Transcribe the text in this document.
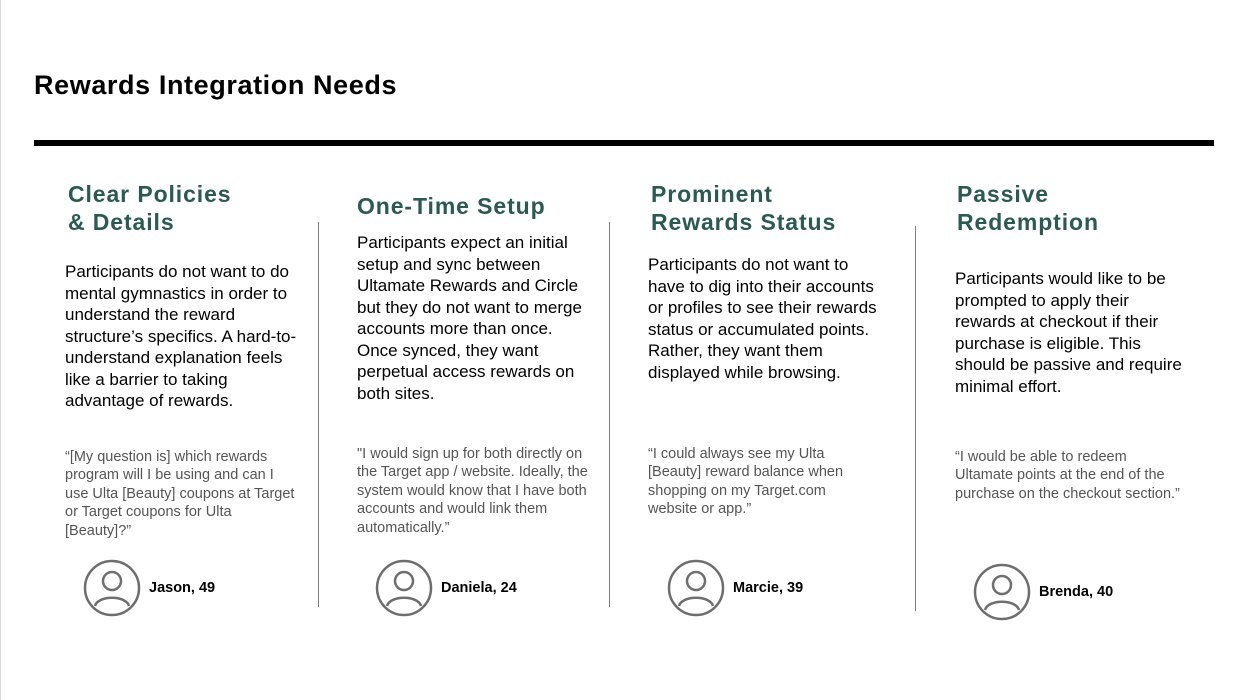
Rewards Integration Needs
Clear Policies
& Details
Participants do not want to do mental gymnastics in order to understand the reward structure’s specifics. A hard-to-understand explanation feels like a barrier to taking advantage of rewards.
“[My question is] which rewards program will I be using and can I use Ulta [Beauty] coupons at Target or Target coupons for Ulta [Beauty]?”
Jason, 49
One-Time Setup
Participants expect an initial setup and sync between Ultamate Rewards and Circle but they do not want to merge accounts more than once. Once synced, they want perpetual access rewards on both sites.
"I would sign up for both directly on the Target app / website. Ideally, the system would know that I have both accounts and would link them automatically.”
Daniela, 24
Prominent
Rewards Status
Participants do not want to have to dig into their accounts or profiles to see their rewards status or accumulated points. Rather, they want them displayed while browsing.
“I could always see my Ulta [Beauty] reward balance when shopping on my Target.com website or app.”
Marcie, 39
Passive
Redemption
Participants would like to be prompted to apply their rewards at checkout if their purchase is eligible. This should be passive and require minimal effort.
“I would be able to redeem Ultamate points at the end of the purchase on the checkout section.”
Brenda, 40
